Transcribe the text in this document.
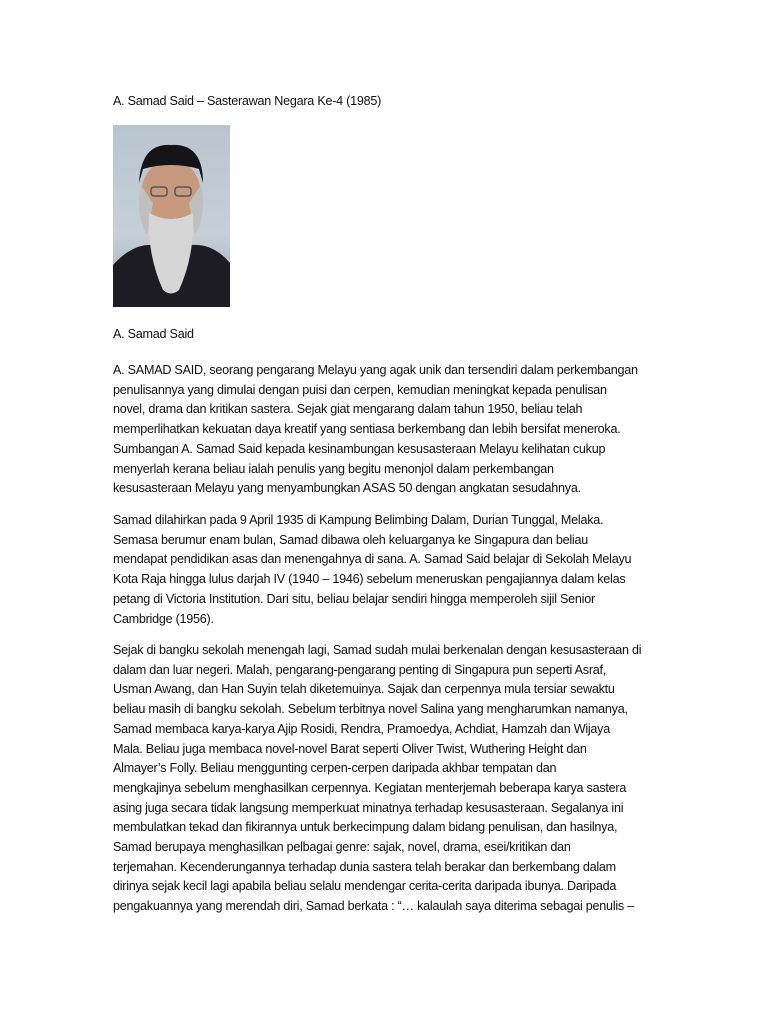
A. Samad Said – Sasterawan Negara Ke-4 (1985)
A. Samad Said
A. SAMAD SAID, seorang pengarang Melayu yang agak unik dan tersendiri dalam perkembangan
penulisannya yang dimulai dengan puisi dan cerpen, kemudian meningkat kepada penulisan
novel, drama dan kritikan sastera. Sejak giat mengarang dalam tahun 1950, beliau telah
memperlihatkan kekuatan daya kreatif yang sentiasa berkembang dan lebih bersifat meneroka.
Sumbangan A. Samad Said kepada kesinambungan kesusasteraan Melayu kelihatan cukup
menyerlah kerana beliau ialah penulis yang begitu menonjol dalam perkembangan
kesusasteraan Melayu yang menyambungkan ASAS 50 dengan angkatan sesudahnya.
Samad dilahirkan pada 9 April 1935 di Kampung Belimbing Dalam, Durian Tunggal, Melaka.
Semasa berumur enam bulan, Samad dibawa oleh keluarganya ke Singapura dan beliau
mendapat pendidikan asas dan menengahnya di sana. A. Samad Said belajar di Sekolah Melayu
Kota Raja hingga lulus darjah IV (1940 – 1946) sebelum meneruskan pengajiannya dalam kelas
petang di Victoria Institution. Dari situ, beliau belajar sendiri hingga memperoleh sijil Senior
Cambridge (1956).
Sejak di bangku sekolah menengah lagi, Samad sudah mulai berkenalan dengan kesusasteraan di
dalam dan luar negeri. Malah, pengarang-pengarang penting di Singapura pun seperti Asraf,
Usman Awang, dan Han Suyin telah diketemuinya. Sajak dan cerpennya mula tersiar sewaktu
beliau masih di bangku sekolah. Sebelum terbitnya novel Salina yang mengharumkan namanya,
Samad membaca karya-karya Ajip Rosidi, Rendra, Pramoedya, Achdiat, Hamzah dan Wijaya
Mala. Beliau juga membaca novel-novel Barat seperti Oliver Twist, Wuthering Height dan
Almayer’s Folly. Beliau menggunting cerpen-cerpen daripada akhbar tempatan dan
mengkajinya sebelum menghasilkan cerpennya. Kegiatan menterjemah beberapa karya sastera
asing juga secara tidak langsung memperkuat minatnya terhadap kesusasteraan. Segalanya ini
membulatkan tekad dan fikirannya untuk berkecimpung dalam bidang penulisan, dan hasilnya,
Samad berupaya menghasilkan pelbagai genre: sajak, novel, drama, esei/kritikan dan
terjemahan. Kecenderungannya terhadap dunia sastera telah berakar dan berkembang dalam
dirinya sejak kecil lagi apabila beliau selalu mendengar cerita-cerita daripada ibunya. Daripada
pengakuannya yang merendah diri, Samad berkata : “… kalaulah saya diterima sebagai penulis –
